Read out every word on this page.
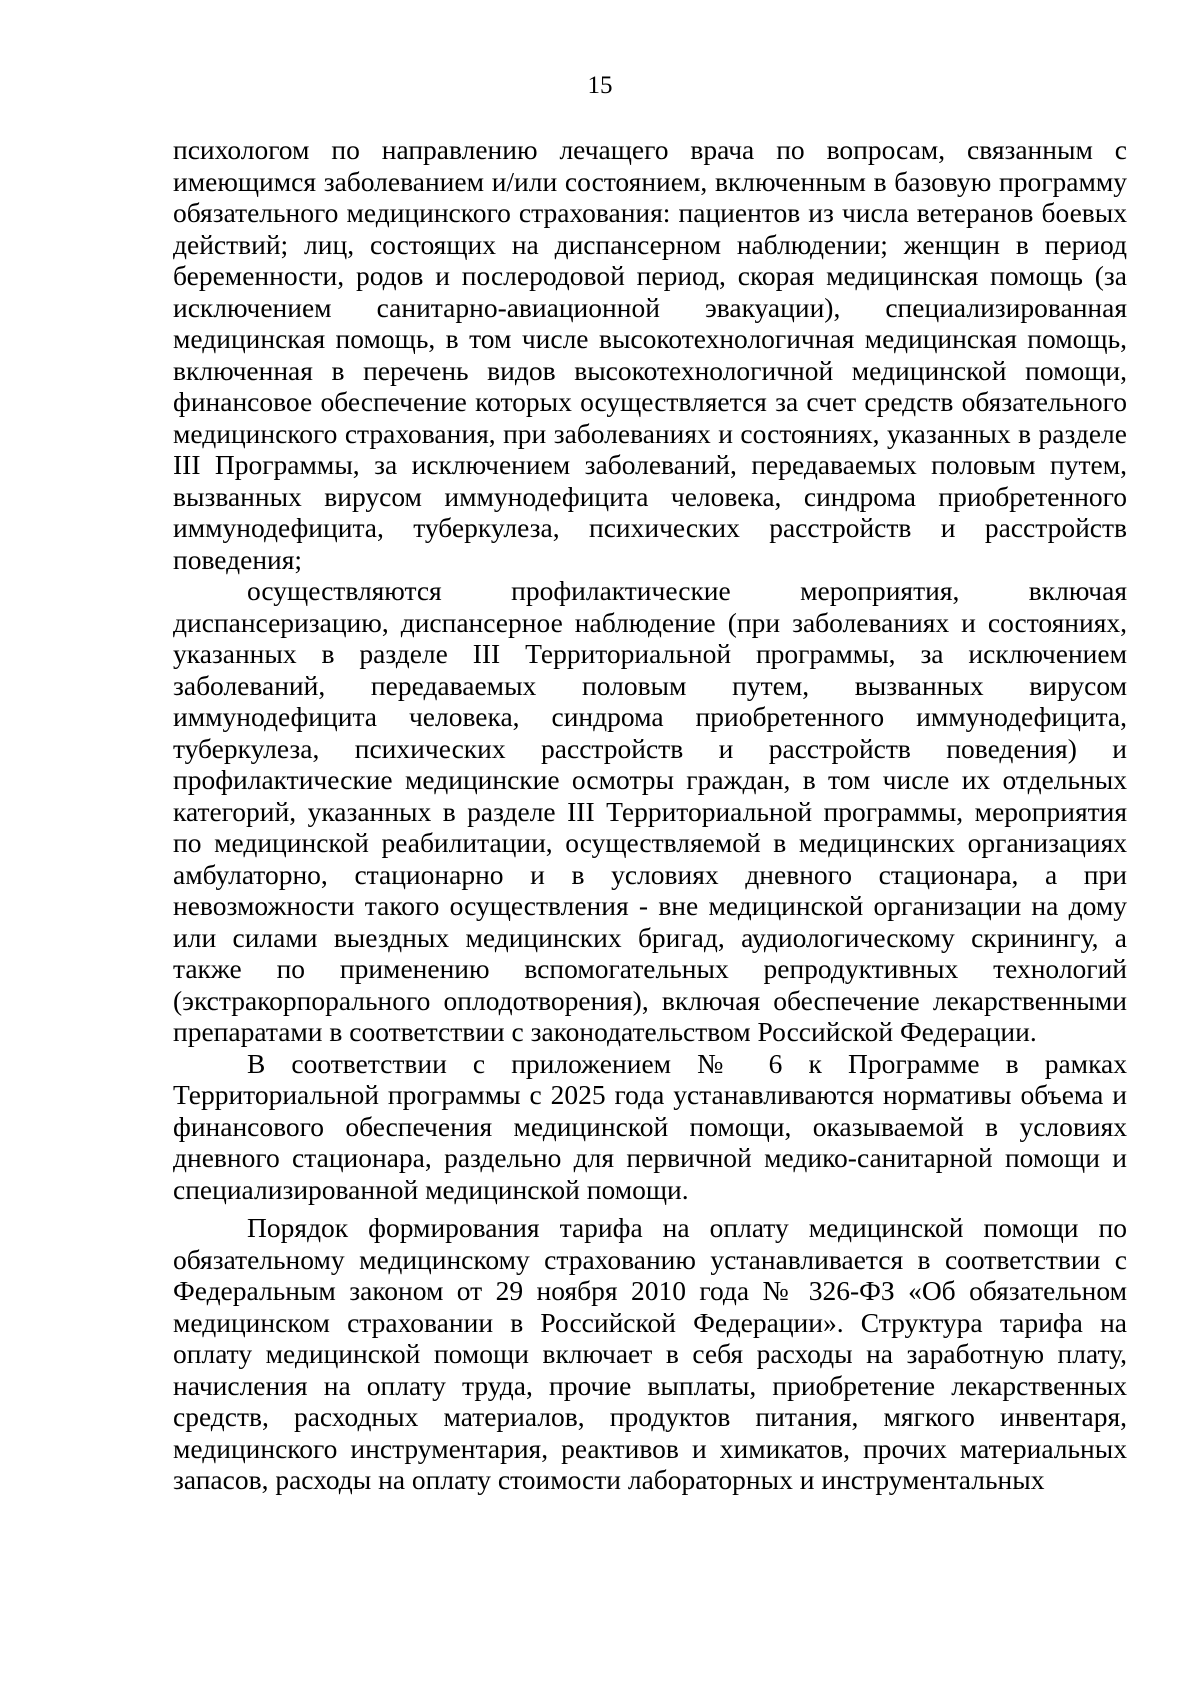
15

психологом по направлению лечащего врача по вопросам, связанным с имеющимся заболеванием и/или состоянием, включенным в базовую программу обязательного медицинского страхования: пациентов из числа ветеранов боевых действий; лиц, состоящих на диспансерном наблюдении; женщин в период беременности, родов и послеродовой период, скорая медицинская помощь (за исключением санитарно-авиационной эвакуации), специализированная медицинская помощь, в том числе высокотехнологичная медицинская помощь, включенная в перечень видов высокотехнологичной медицинской помощи, финансовое обеспечение которых осуществляется за счет средств обязательного медицинского страхования, при заболеваниях и состояниях, указанных в разделе III Программы, за исключением заболеваний, передаваемых половым путем, вызванных вирусом иммунодефицита человека, синдрома приобретенного иммунодефицита, туберкулеза, психических расстройств и расстройств поведения;

осуществляются профилактические мероприятия, включая диспансеризацию, диспансерное наблюдение (при заболеваниях и состояниях, указанных в разделе III Территориальной программы, за исключением заболеваний, передаваемых половым путем, вызванных вирусом иммунодефицита человека, синдрома приобретенного иммунодефицита, туберкулеза, психических расстройств и расстройств поведения) и профилактические медицинские осмотры граждан, в том числе их отдельных категорий, указанных в разделе III Территориальной программы, мероприятия по медицинской реабилитации, осуществляемой в медицинских организациях амбулаторно, стационарно и в условиях дневного стационара, а при невозможности такого осуществления - вне медицинской организации на дому или силами выездных медицинских бригад, аудиологическому скринингу, а также по применению вспомогательных репродуктивных технологий (экстракорпорального оплодотворения), включая обеспечение лекарственными препаратами в соответствии с законодательством Российской Федерации.

В соответствии с приложением № 6 к Программе в рамках Территориальной программы с 2025 года устанавливаются нормативы объема и финансового обеспечения медицинской помощи, оказываемой в условиях дневного стационара, раздельно для первичной медико-санитарной помощи и специализированной медицинской помощи.

Порядок формирования тарифа на оплату медицинской помощи по обязательному медицинскому страхованию устанавливается в соответствии с Федеральным законом от 29 ноября 2010 года № 326-ФЗ «Об обязательном медицинском страховании в Российской Федерации». Структура тарифа на оплату медицинской помощи включает в себя расходы на заработную плату, начисления на оплату труда, прочие выплаты, приобретение лекарственных средств, расходных материалов, продуктов питания, мягкого инвентаря, медицинского инструментария, реактивов и химикатов, прочих материальных запасов, расходы на оплату стоимости лабораторных и инструментальных
